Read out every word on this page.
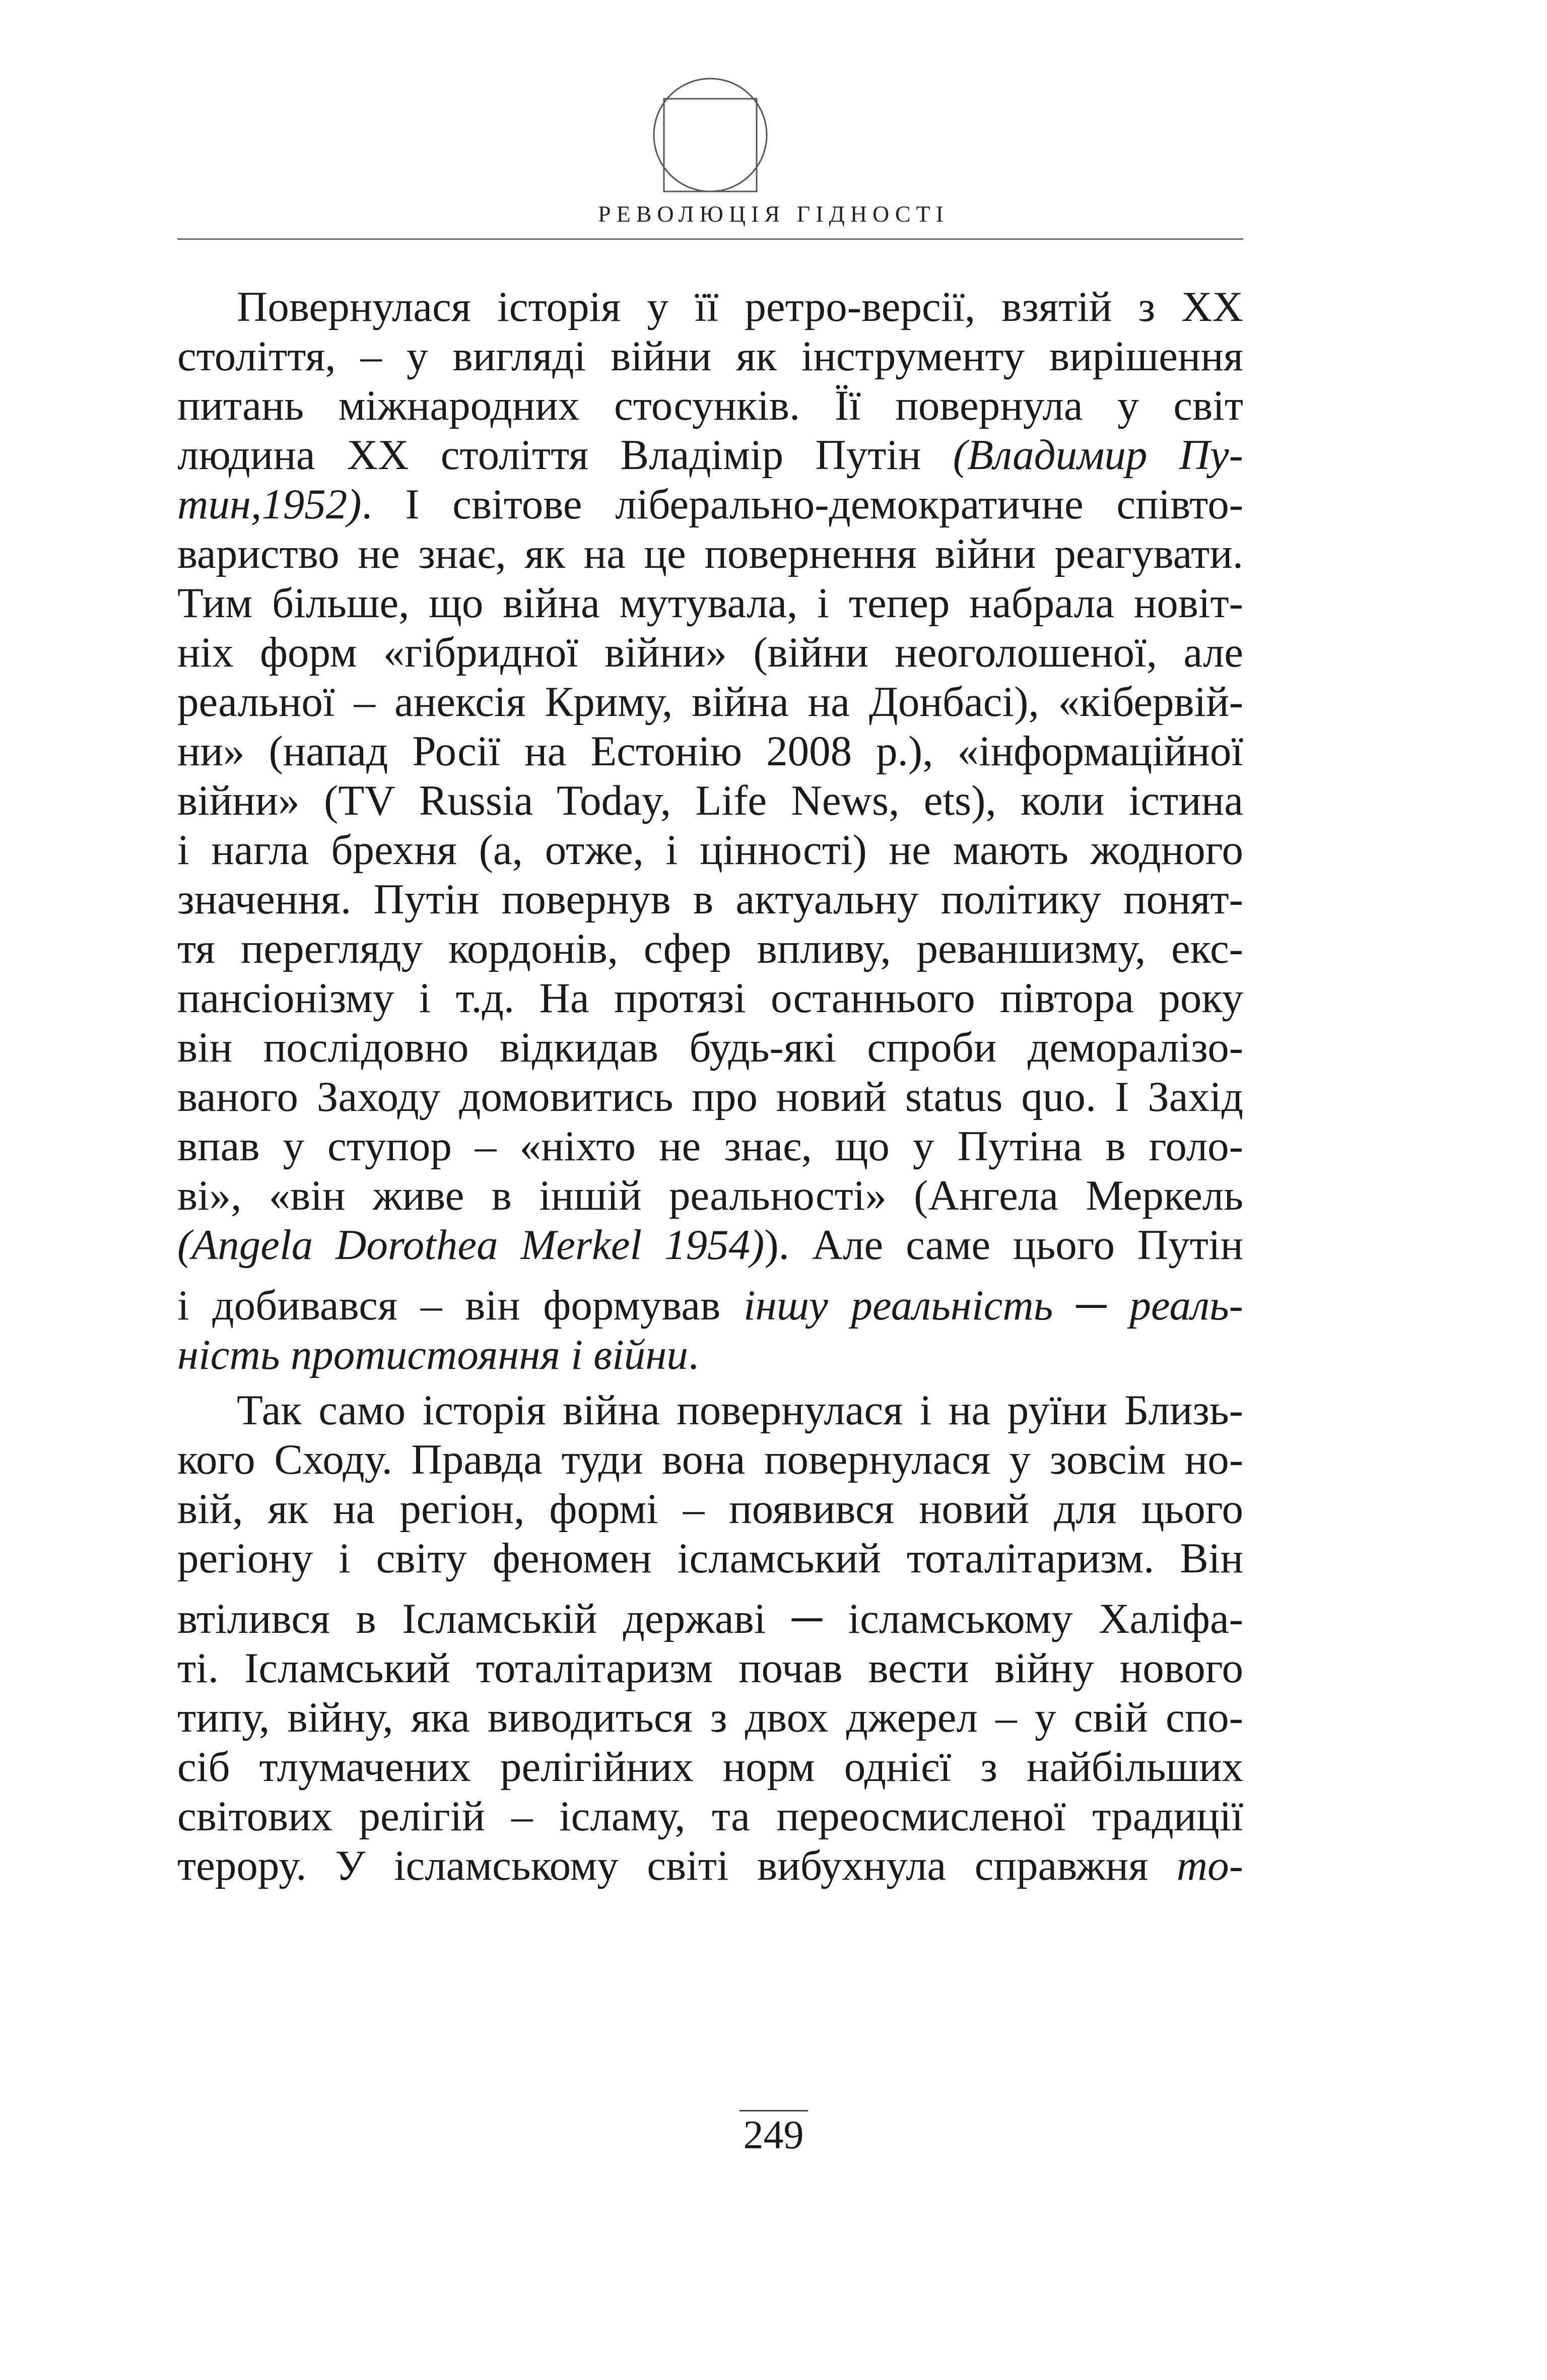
РЕВОЛЮЦІЯ ГІДНОСТІ
Повернулася історія у її ретро-версії, взятій з ХХ
століття, – у вигляді війни як інструменту вирішення
питань міжнародних стосунків. Її повернула у світ
людина ХХ століття Владімір Путін (Владимир Пу-
тин,1952). І світове ліберально-демократичне співто-
вариство не знає, як на це повернення війни реагувати.
Тим більше, що війна мутувала, і тепер набрала новіт-
ніх форм «гібридної війни» (війни неоголошеної, але
реальної – анексія Криму, війна на Донбасі), «кібервій-
ни» (напад Росії на Естонію 2008 р.), «інформаційної
війни» (TV Russia Today, Life News, ets), коли істина
і нагла брехня (а, отже, і цінності) не мають жодного
значення. Путін повернув в актуальну політику понят-
тя перегляду кордонів, сфер впливу, реваншизму, екс-
пансіонізму і т.д. На протязі останнього півтора року
він послідовно відкидав будь-які спроби деморалізо-
ваного Заходу домовитись про новий status quo. І Захід
впав у ступор – «ніхто не знає, що у Путіна в голо-
ві», «він живе в іншій реальності» (Ангела Меркель
(Angela Dorothea Merkel 1954)). Але саме цього Путін
і добивався – він формував іншу реальність ─ реаль-
ність протистояння і війни.
Так само історія війна повернулася і на руїни Близь-
кого Сходу. Правда туди вона повернулася у зовсім но-
вій, як на регіон, формі – появився новий для цього
регіону і світу феномен ісламський тоталітаризм. Він
втілився в Ісламській державі ─ ісламському Халіфа-
ті. Ісламський тоталітаризм почав вести війну нового
типу, війну, яка виводиться з двох джерел – у свій спо-
сіб тлумачених релігійних норм однієї з найбільших
світових релігій – ісламу, та переосмисленої традиції
терору. У ісламському світі вибухнула справжня то-
249
